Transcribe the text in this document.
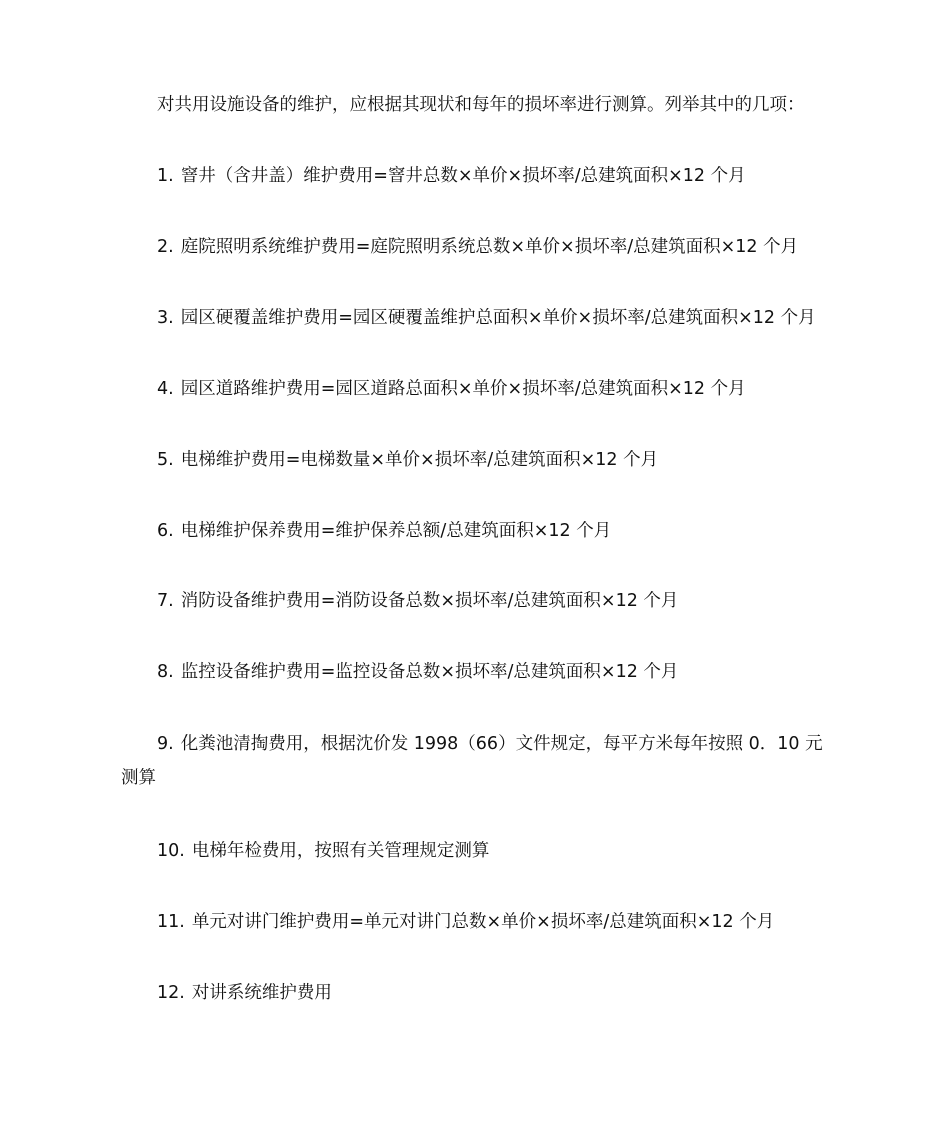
对共用设施设备的维护，应根据其现状和每年的损坏率进行测算。列举其中的几项：

1. 窨井（含井盖）维护费用=窨井总数×单价×损坏率/总建筑面积×12 个月

2. 庭院照明系统维护费用=庭院照明系统总数×单价×损坏率/总建筑面积×12 个月

3. 园区硬覆盖维护费用=园区硬覆盖维护总面积×单价×损坏率/总建筑面积×12 个月

4. 园区道路维护费用=园区道路总面积×单价×损坏率/总建筑面积×12 个月

5. 电梯维护费用=电梯数量×单价×损坏率/总建筑面积×12 个月

6. 电梯维护保养费用=维护保养总额/总建筑面积×12 个月

7. 消防设备维护费用=消防设备总数×损坏率/总建筑面积×12 个月

8. 监控设备维护费用=监控设备总数×损坏率/总建筑面积×12 个月

9. 化粪池清掏费用，根据沈价发 1998（66）文件规定，每平方米每年按照 0．10 元测算

10. 电梯年检费用，按照有关管理规定测算

11. 单元对讲门维护费用=单元对讲门总数×单价×损坏率/总建筑面积×12 个月

12. 对讲系统维护费用
